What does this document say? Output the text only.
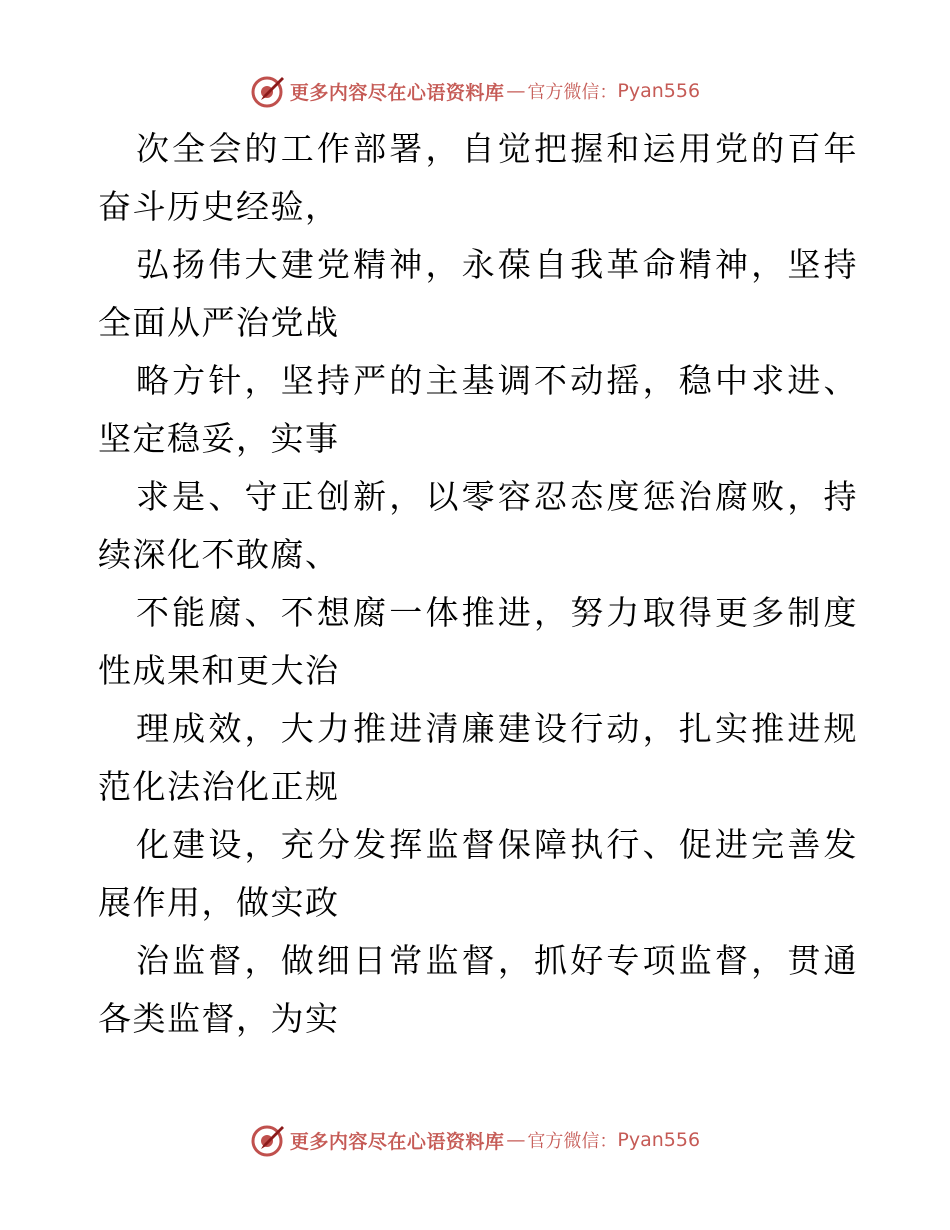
更多内容尽在心语资料库 — 官方微信： Pyan556

次全会的工作部署，自觉把握和运用党的百年奋斗历史经验，

弘扬伟大建党精神，永葆自我革命精神，坚持全面从严治党战

略方针，坚持严的主基调不动摇，稳中求进、坚定稳妥，实事

求是、守正创新，以零容忍态度惩治腐败，持续深化不敢腐、

不能腐、不想腐一体推进，努力取得更多制度性成果和更大治

理成效，大力推进清廉建设行动，扎实推进规范化法治化正规

化建设，充分发挥监督保障执行、促进完善发展作用，做实政

治监督，做细日常监督，抓好专项监督，贯通各类监督，为实

更多内容尽在心语资料库 — 官方微信： Pyan556
